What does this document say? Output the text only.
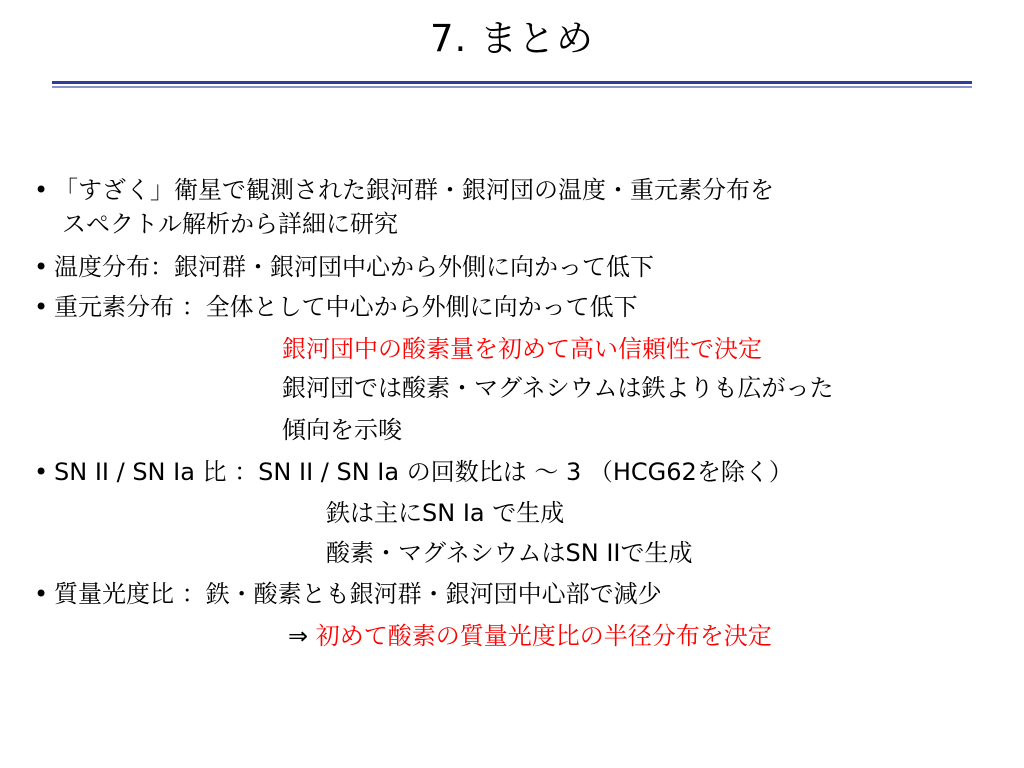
7. まとめ
• 「すざく」衛星で観測された銀河群・銀河団の温度・重元素分布を
スペクトル解析から詳細に研究
• 温度分布：銀河群・銀河団中心から外側に向かって低下
• 重元素分布 ：全体として中心から外側に向かって低下
銀河団中の酸素量を初めて高い信頼性で決定
銀河団では酸素・マグネシウムは鉄よりも広がった
傾向を示唆
• SN II / SN Ia 比 ：SN II / SN Ia の回数比は ～ 3 （HCG62を除く）
鉄は主にSN Ia で生成
酸素・マグネシウムはSN IIで生成
• 質量光度比 ：鉄・酸素とも銀河群・銀河団中心部で減少
⇒ 初めて酸素の質量光度比の半径分布を決定
